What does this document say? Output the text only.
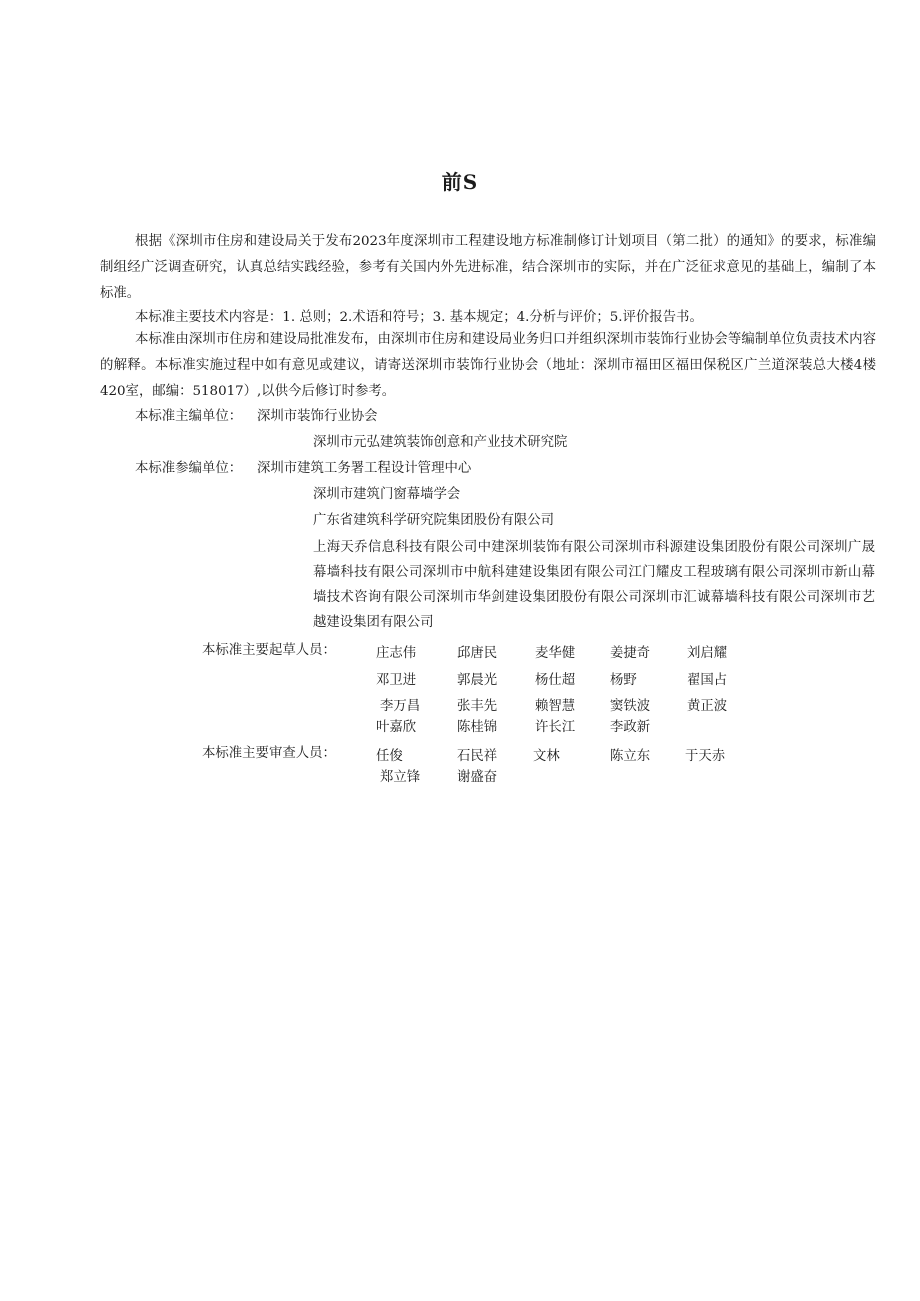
前S

根据《深圳市住房和建设局关于发布2023年度深圳市工程建设地方标准制修订计划项目（第二批）的通知》的要求，标准编制组经广泛调查研究，认真总结实践经验，参考有关国内外先进标准，结合深圳市的实际，并在广泛征求意见的基础上，编制了本标准。

本标准主要技术内容是：1. 总则；2.术语和符号；3. 基本规定；4.分析与评价；5.评价报告书。

本标准由深圳市住房和建设局批准发布，由深圳市住房和建设局业务归口并组织深圳市装饰行业协会等编制单位负责技术内容的解释。本标准实施过程中如有意见或建议，请寄送深圳市装饰行业协会（地址：深圳市福田区福田保税区广兰道深装总大楼4楼420室，邮编：518017）,以供今后修订时参考。

本标准主编单位： 深圳市装饰行业协会
深圳市元弘建筑装饰创意和产业技术研究院
本标准参编单位： 深圳市建筑工务署工程设计管理中心
深圳市建筑门窗幕墙学会
广东省建筑科学研究院集团股份有限公司

上海天乔信息科技有限公司中建深圳装饰有限公司深圳市科源建设集团股份有限公司深圳广晟幕墙科技有限公司深圳市中航科建建设集团有限公司江门耀皮工程玻璃有限公司深圳市新山幕墙技术咨询有限公司深圳市华剑建设集团股份有限公司深圳市汇诚幕墙科技有限公司深圳市艺越建设集团有限公司

本标准主要起草人员：	庄志伟	邱唐民	麦华健	姜捷奇	刘启耀
邓卫进	郭晨光	杨仕超	杨野	翟国占
李万昌	张丰先	赖智慧	窦铁波	黄正波
叶嘉欣	陈桂锦	许长江	李政新
本标准主要审查人员：	任俊	石民祥	文林	陈立东	于天赤
郑立锋	谢盛奋
